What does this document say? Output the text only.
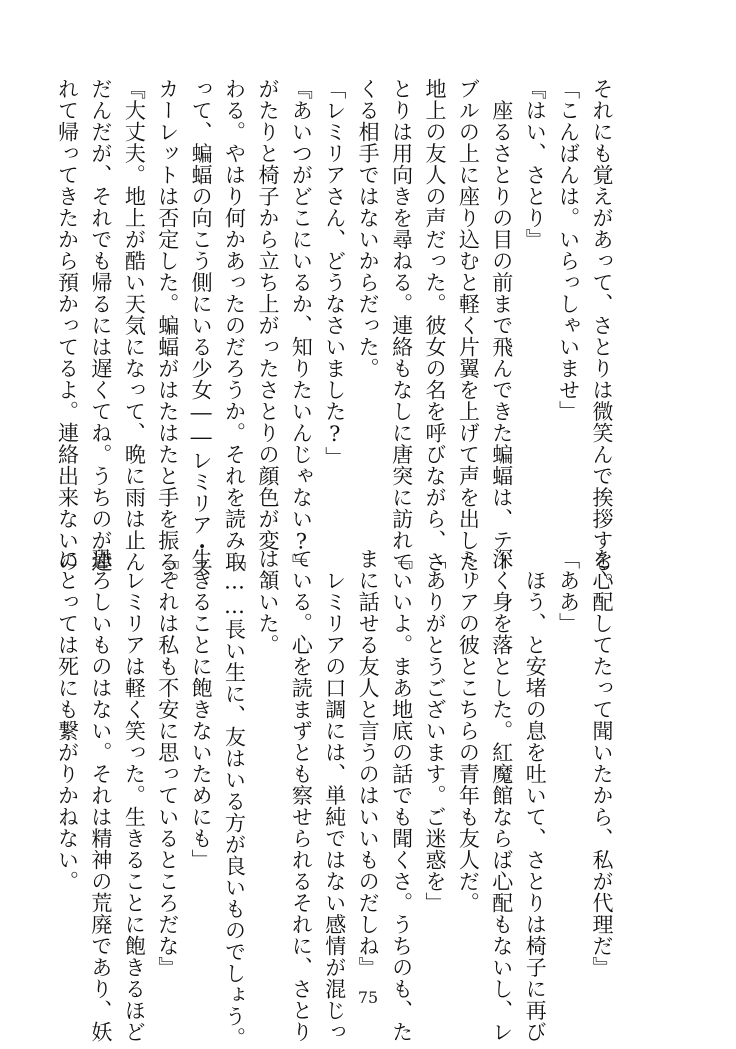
それにも覚えがあって、さとりは微笑んで挨拶する。
「こんばんは。いらっしゃいませ」
『はい、さとり』
　座るさとりの目の前まで飛んできた蝙蝠は、テー
ブルの上に座り込むと軽く片翼を上げて声を出した。
地上の友人の声だった。彼女の名を呼びながら、さ
とりは用向きを尋ねる。連絡もなしに唐突に訪れて
くる相手ではないからだった。
「レミリアさん、どうなさいました?」
『あいつがどこにいるか、知りたいんじゃない?』
がたりと椅子から立ち上がったさとりの顔色が変
わる。やはり何かあったのだろうか。それを読み取
って、蝙蝠の向こう側にいる少女――レミリア・ス
カーレットは否定した。蝙蝠がはたはたと手を振る。
『大丈夫。地上が酷い天気になって、晩に雨は止ん
だんだが、それでも帰るには遅くてね。うちのが連
れて帰ってきたから預かってるよ。連絡出来ないの
を心配してたって聞いたから、私が代理だ』
「ああ」
　ほう、と安堵の息を吐いて、さとりは椅子に再び
深く身を落とした。紅魔館ならば心配もないし、レ
ミリアの彼とこちらの青年も友人だ。
「ありがとうございます。ご迷惑を」
『いいよ。まあ地底の話でも聞くさ。うちのも、た
まに話せる友人と言うのはいいものだしね』
　レミリアの口調には、単純ではない感情が混じっ
ている。心を読まずとも察せられるそれに、さとり
は頷いた。
「……長い生に、友はいる方が良いものでしょう。
生きることに飽きないためにも」
『それは私も不安に思っているところだな』
　レミリアは軽く笑った。生きることに飽きるほど
恐ろしいものはない。それは精神の荒廃であり、妖
にとっては死にも繋がりかねない。
75
